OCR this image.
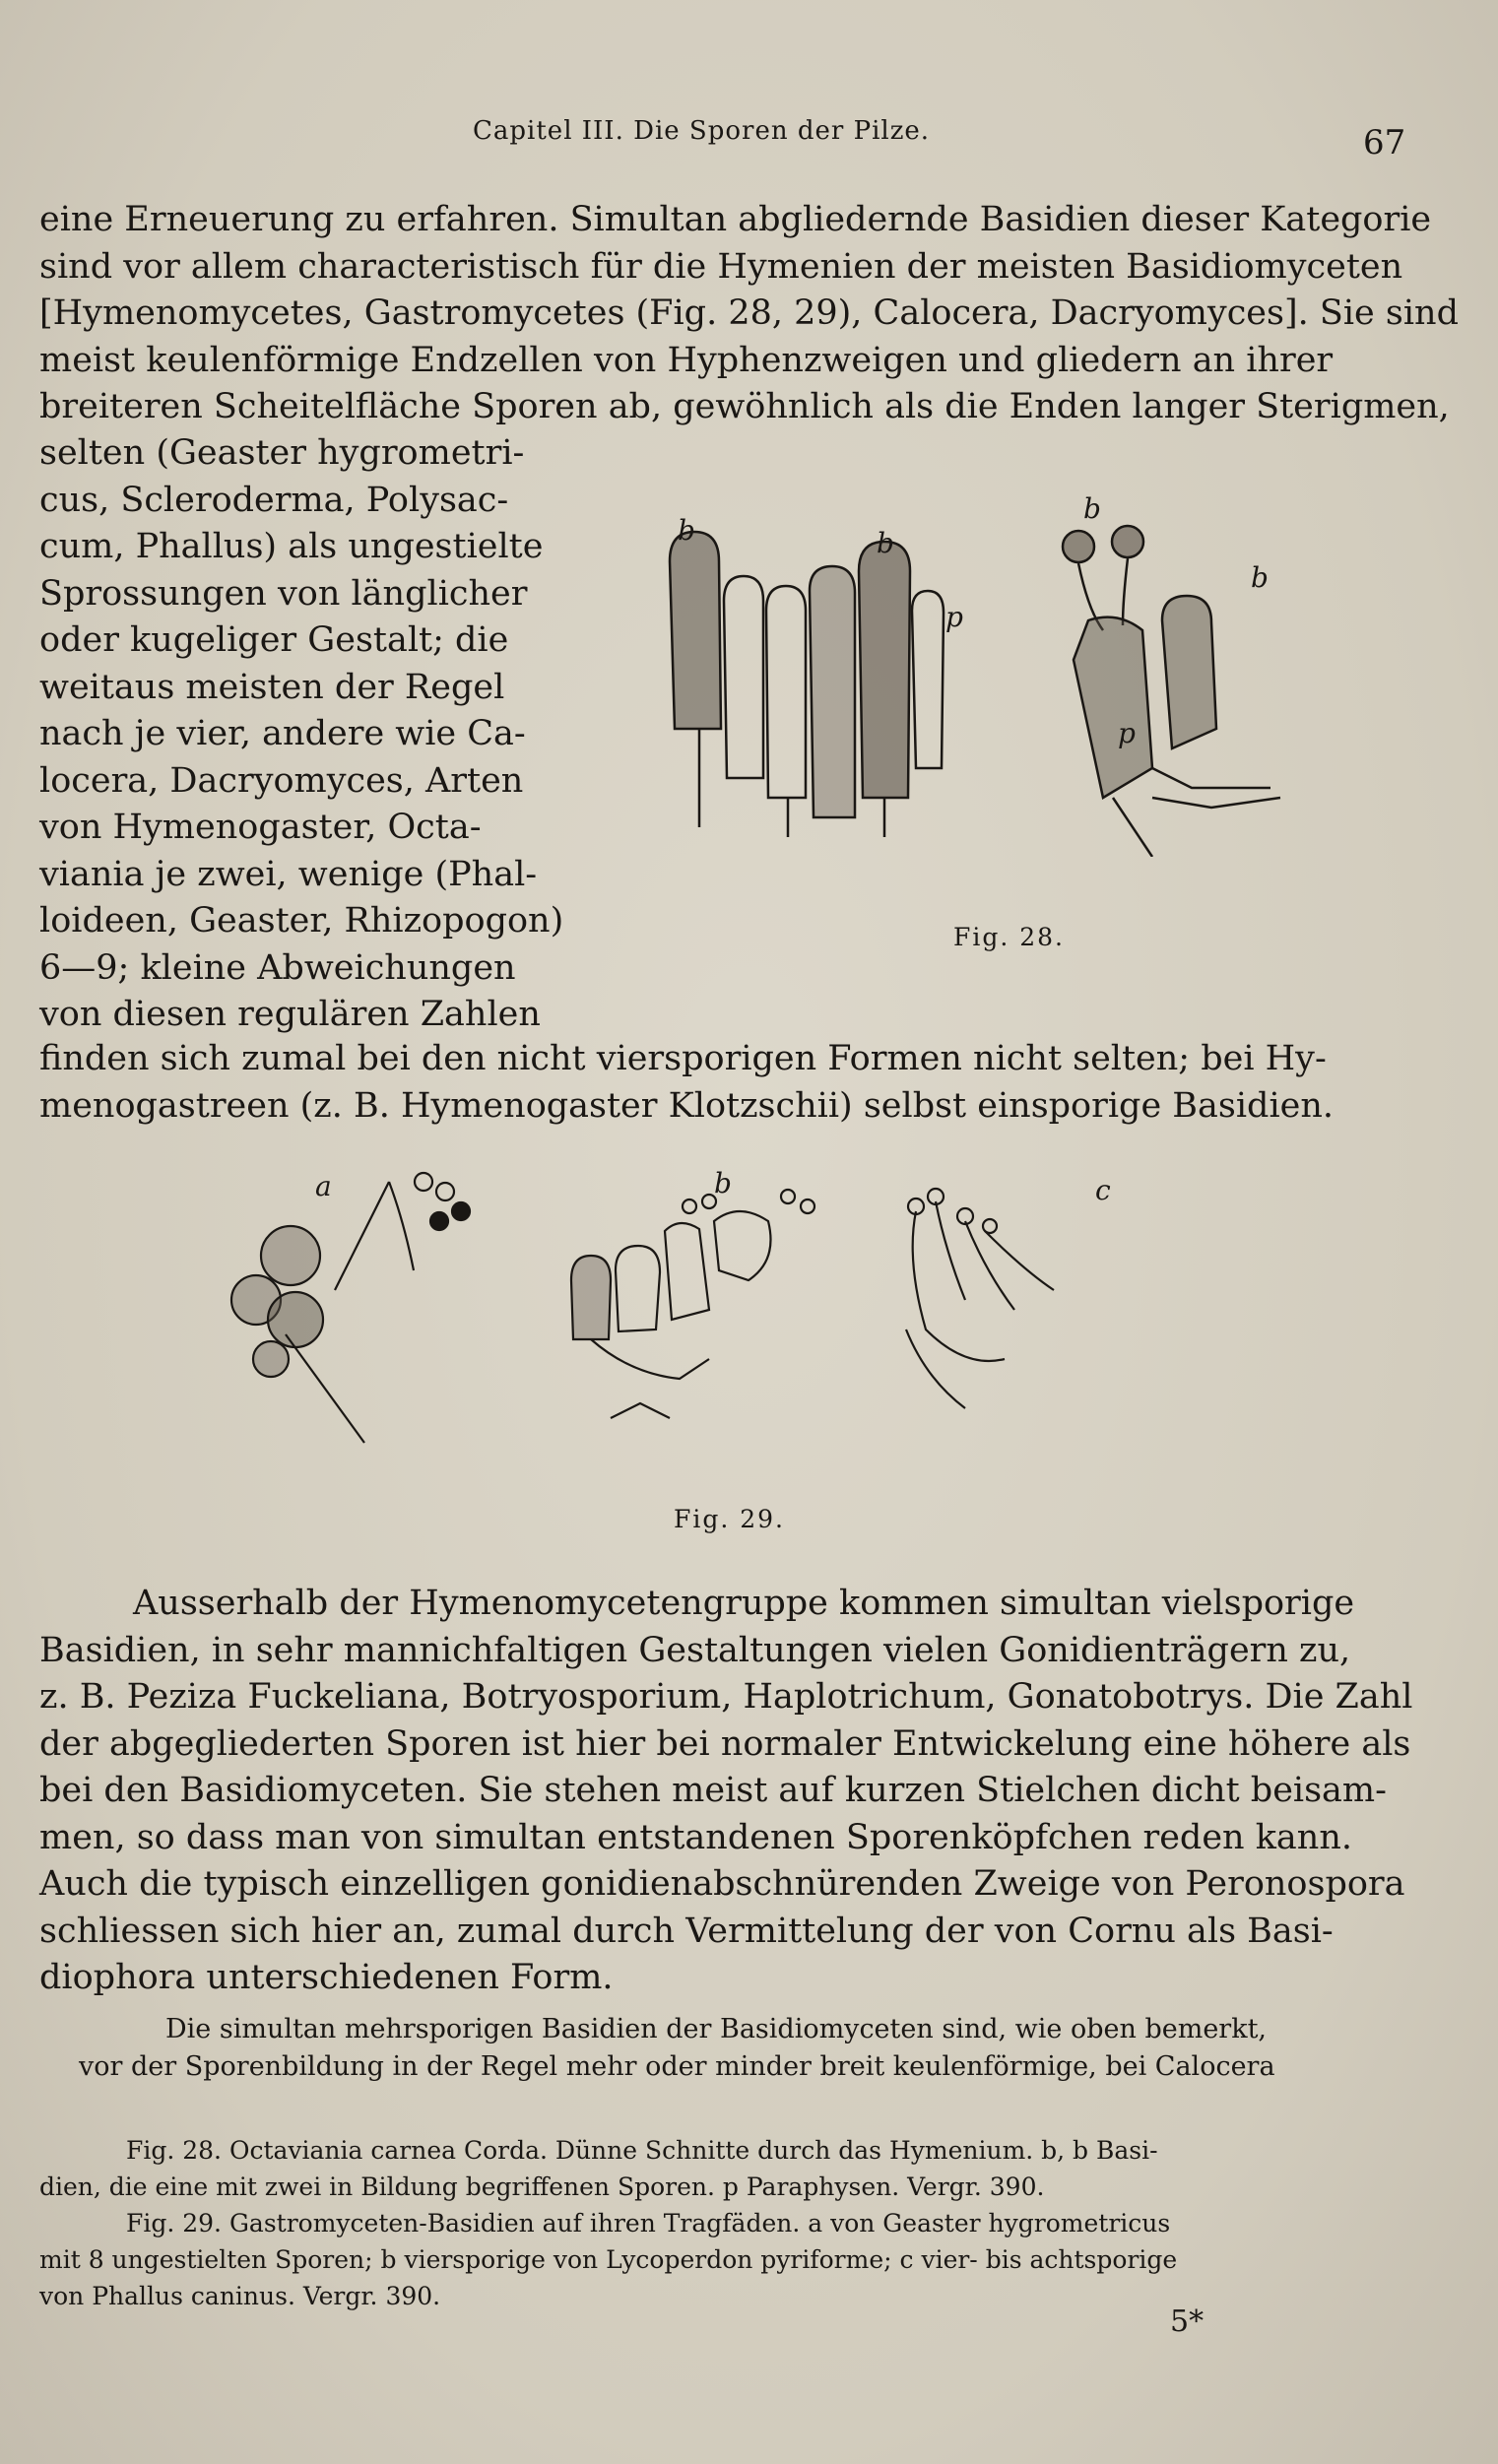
Capitel III. Die Sporen der Pilze.	67
eine Erneuerung zu erfahren. Simultan abgliedernde Basidien dieser Kategorie
sind vor allem characteristisch für die Hymenien der meisten Basidiomyceten
[Hymenomycetes, Gastromycetes (Fig. 28, 29), Calocera, Dacryomyces]. Sie sind
meist keulenförmige Endzellen von Hyphenzweigen und gliedern an ihrer
breiteren Scheitelfläche Sporen ab, gewöhnlich als die Enden langer Sterigmen,
selten (Geaster hygrometri-
cus, Scleroderma, Polysac-
cum, Phallus) als ungestielte
Sprossungen von länglicher
oder kugeliger Gestalt; die
weitaus meisten der Regel
nach je vier, andere wie Ca-
locera, Dacryomyces, Arten
von Hymenogaster, Octa-
viania je zwei, wenige (Phal-
loideen, Geaster, Rhizopogon)
6—9; kleine Abweichungen
von diesen regulären Zahlen
b	b
b
b
p
p
Fig. 28.
finden sich zumal bei den nicht viersporigen Formen nicht selten; bei Hy-
menogastreen (z. B. Hymenogaster Klotzschii) selbst einsporige Basidien.
a	b	c
Fig. 29.
Ausserhalb der Hymenomycetengruppe kommen simultan vielsporige
Basidien, in sehr mannichfaltigen Gestaltungen vielen Gonidienträgern zu,
z. B. Peziza Fuckeliana, Botryosporium, Haplotrichum, Gonatobotrys. Die Zahl
der abgegliederten Sporen ist hier bei normaler Entwickelung eine höhere als
bei den Basidiomyceten. Sie stehen meist auf kurzen Stielchen dicht beisam-
men, so dass man von simultan entstandenen Sporenköpfchen reden kann.
Auch die typisch einzelligen gonidienabschnürenden Zweige von Peronospora
schliessen sich hier an, zumal durch Vermittelung der von Cornu als Basi-
diophora unterschiedenen Form.
Die simultan mehrsporigen Basidien der Basidiomyceten sind, wie oben bemerkt,
vor der Sporenbildung in der Regel mehr oder minder breit keulenförmige, bei Calocera
Fig. 28. Octaviania carnea Corda. Dünne Schnitte durch das Hymenium. b, b Basi-
dien, die eine mit zwei in Bildung begriffenen Sporen. p Paraphysen. Vergr. 390.
Fig. 29. Gastromyceten-Basidien auf ihren Tragfäden. a von Geaster hygrometricus
mit 8 ungestielten Sporen; b viersporige von Lycoperdon pyriforme; c vier- bis achtsporige
von Phallus caninus. Vergr. 390.
5*
